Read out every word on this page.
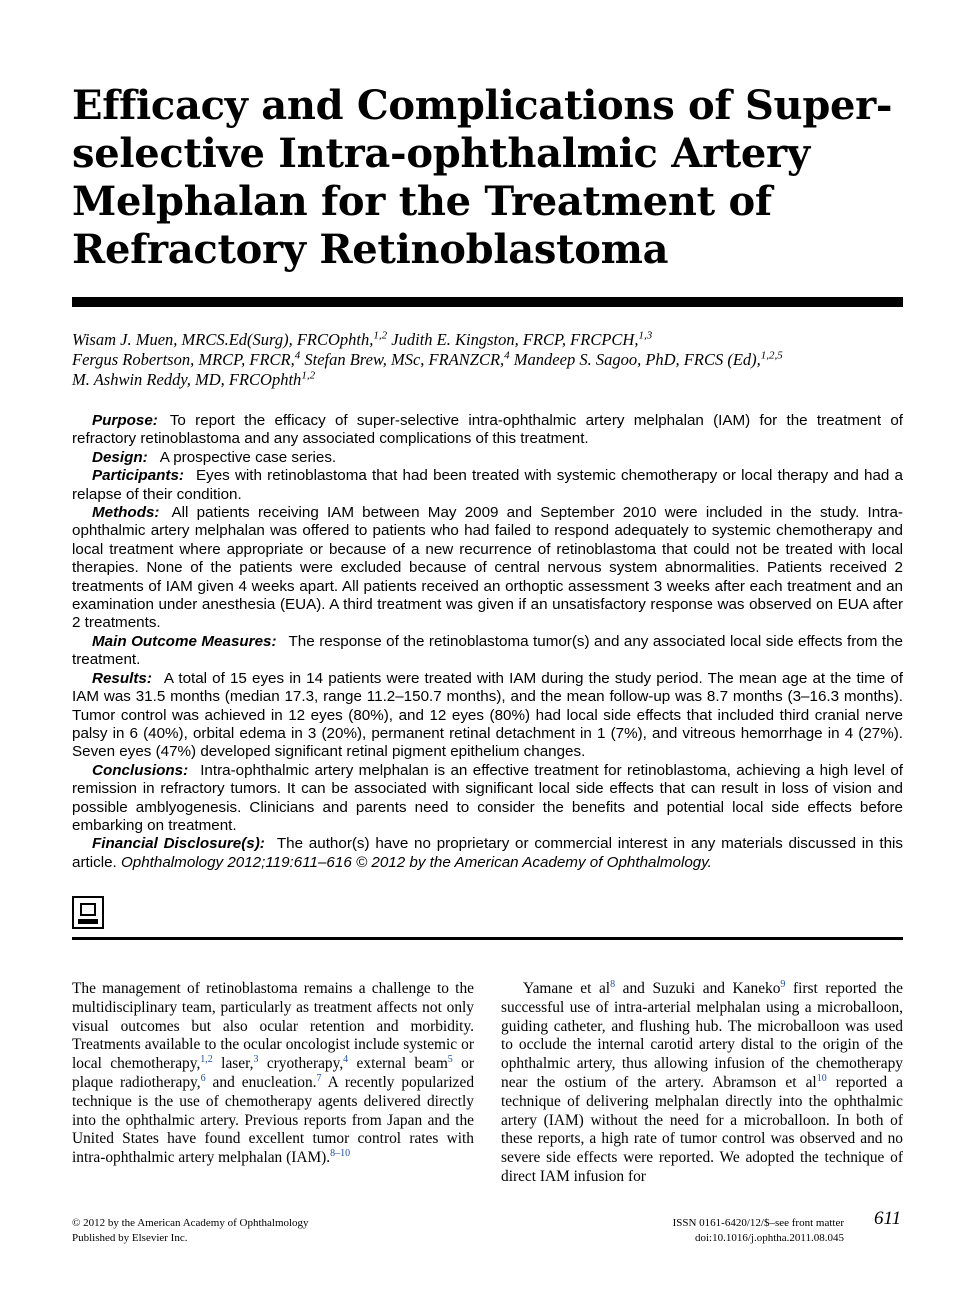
Efficacy and Complications of Super-selective Intra-ophthalmic Artery Melphalan for the Treatment of Refractory Retinoblastoma
Wisam J. Muen, MRCS.Ed(Surg), FRCOphth,$^{1,2}$ Judith E. Kingston, FRCP, FRCPCH,$^{1,3}$
Fergus Robertson, MRCP, FRCR,$^4$ Stefan Brew, MSc, FRANZCR,$^4$ Mandeep S. Sagoo, PhD, FRCS (Ed),$^{1,2,5}$
M. Ashwin Reddy, MD, FRCOphth$^{1,2}$

Purpose: To report the efficacy of super-selective intra-ophthalmic artery melphalan (IAM) for the treatment of refractory retinoblastoma and any associated complications of this treatment.

Design: A prospective case series.

Participants: Eyes with retinoblastoma that had been treated with systemic chemotherapy or local therapy and had a relapse of their condition.

Methods: All patients receiving IAM between May 2009 and September 2010 were included in the study. Intra-ophthalmic artery melphalan was offered to patients who had failed to respond adequately to systemic chemotherapy and local treatment where appropriate or because of a new recurrence of retinoblastoma that could not be treated with local therapies. None of the patients were excluded because of central nervous system abnormalities. Patients received 2 treatments of IAM given 4 weeks apart. All patients received an orthoptic assessment 3 weeks after each treatment and an examination under anesthesia (EUA). A third treatment was given if an unsatisfactory response was observed on EUA after 2 treatments.

Main Outcome Measures: The response of the retinoblastoma tumor(s) and any associated local side effects from the treatment.

Results: A total of 15 eyes in 14 patients were treated with IAM during the study period. The mean age at the time of IAM was 31.5 months (median 17.3, range 11.2–150.7 months), and the mean follow-up was 8.7 months (3–16.3 months). Tumor control was achieved in 12 eyes (80%), and 12 eyes (80%) had local side effects that included third cranial nerve palsy in 6 (40%), orbital edema in 3 (20%), permanent retinal detachment in 1 (7%), and vitreous hemorrhage in 4 (27%). Seven eyes (47%) developed significant retinal pigment epithelium changes.

Conclusions: Intra-ophthalmic artery melphalan is an effective treatment for retinoblastoma, achieving a high level of remission in refractory tumors. It can be associated with significant local side effects that can result in loss of vision and possible amblyogenesis. Clinicians and parents need to consider the benefits and potential local side effects before embarking on treatment.

Financial Disclosure(s): The author(s) have no proprietary or commercial interest in any materials discussed in this article. Ophthalmology 2012;119:611–616 © 2012 by the American Academy of Ophthalmology.

The management of retinoblastoma remains a challenge to the multidisciplinary team, particularly as treatment affects not only visual outcomes but also ocular retention and morbidity. Treatments available to the ocular oncologist include systemic or local chemotherapy,$^{1,2}$ laser,$^3$ cryotherapy,$^4$ external beam$^5$ or plaque radiotherapy,$^6$ and enucleation.$^7$ A recently popularized technique is the use of chemotherapy agents delivered directly into the ophthalmic artery. Previous reports from Japan and the United States have found excellent tumor control rates with intra-ophthalmic artery melphalan (IAM).$^{8-10}$

Yamane et $al^8$ and Suzuki and Kaneko$^9$ first reported the successful use of intra-arterial melphalan using a microballoon, guiding catheter, and flushing hub. The microballoon was used to occlude the internal carotid artery distal to the origin of the ophthalmic artery, thus allowing infusion of the chemotherapy near the ostium of the artery. Abramson et $al^{10}$ reported a technique of delivering melphalan directly into the ophthalmic artery (IAM) without the need for a microballoon. In both of these reports, a high rate of tumor control was observed and no severe side effects were reported. We adopted the technique of direct IAM infusion for

© 2012 by the American Academy of Ophthalmology
Published by Elsevier Inc.
ISSN 0161-6420/12/$–see front matter
doi:10.1016/j.ophtha.2011.08.045
611
